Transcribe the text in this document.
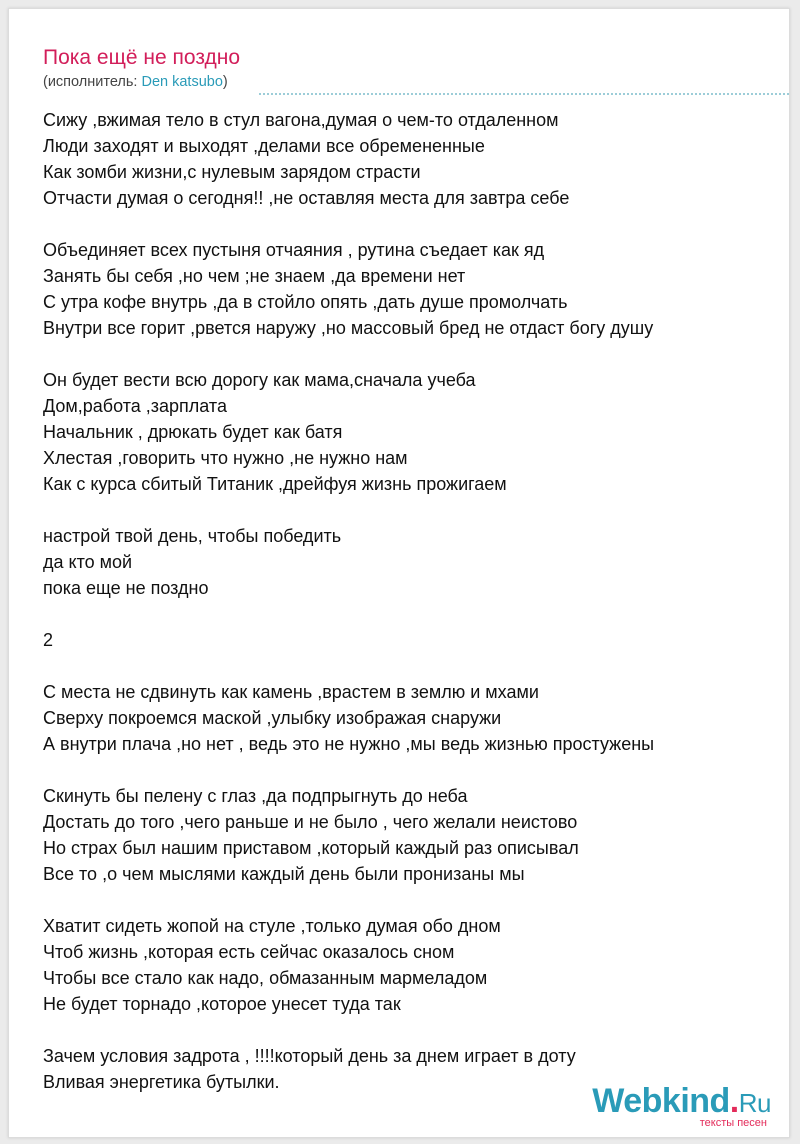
Пока ещё не поздно
(исполнитель: Den katsubo)
Сижу ,вжимая тело в стул вагона,думая о чем-то отдаленном
Люди заходят и выходят ,делами все обремененные
Как зомби жизни,с нулевым зарядом страсти
Отчасти думая о сегодня!! ,не оставляя места для завтра себе
Объединяет всех пустыня отчаяния , рутина съедает как яд
Занять бы себя ,но чем ;не знаем ,да времени нет
С утра кофе внутрь ,да в стойло опять ,дать душе промолчать
Внутри все горит ,рвется наружу ,но массовый бред не отдаст богу душу
Он будет вести всю дорогу как мама,сначала учеба
Дом,работа ,зарплата
Начальник , дрюкать будет как батя
Хлестая ,говорить что нужно ,не нужно нам
Как с курса сбитый Титаник ,дрейфуя жизнь прожигаем
настрой твой день, чтобы победить
да кто мой
пока еще не поздно
2
С места не сдвинуть как камень ,врастем в землю и мхами
Сверху покроемся маской ,улыбку изображая снаружи
А внутри плача ,но нет , ведь это не нужно ,мы ведь жизнью простужены
Скинуть бы пелену с глаз ,да подпрыгнуть до неба
Достать до того ,чего раньше и не было , чего желали неистово
Но страх был нашим приставом ,который каждый раз описывал
Все то ,о чем мыслями каждый день были пронизаны мы
Хватит сидеть жопой на стуле ,только думая обо дном
Чтоб жизнь ,которая есть сейчас оказалось сном
Чтобы все стало как надо, обмазанным мармеладом
Не будет торнадо ,которое унесет туда так
Зачем условия задрота , !!!!который день за днем играет в доту
Вливая энергетика бутылки.	Webkind.Ru
тексты песен
